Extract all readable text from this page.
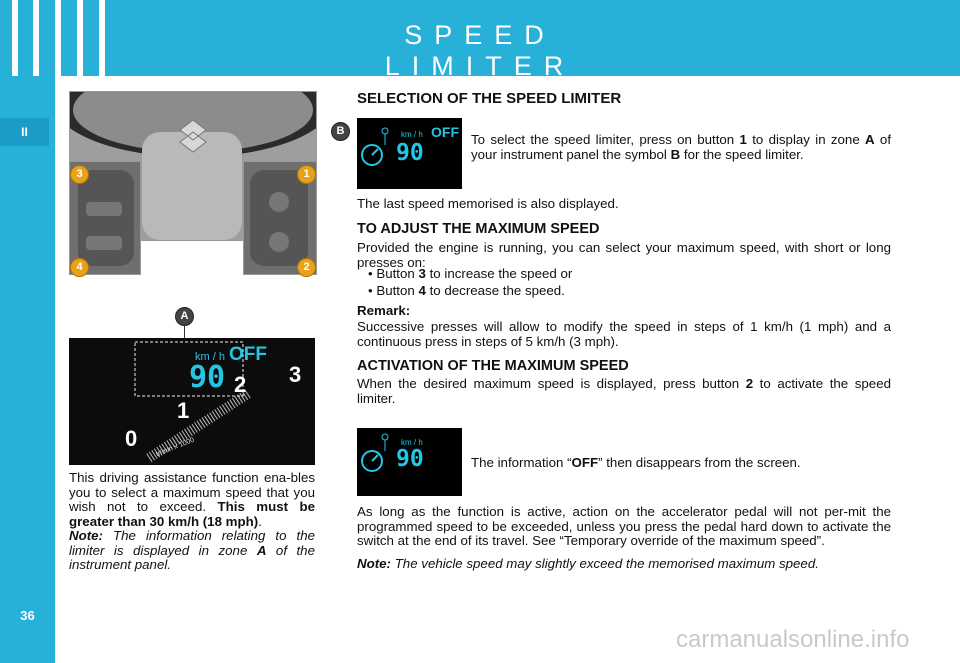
SPEED LIMITER
II
36
3
4
1
2
A
0
1
2 3
km / h OFF
90
tr/min x 1000
This driving assistance function ena-bles you to select a maximum speed that you wish not to exceed. This must be greater than 30 km/h (18 mph).
Note: The information relating to the limiter is displayed in zone A of the instrument panel.
SELECTION OF THE SPEED LIMITER
B	km / h OFF
90
To select the speed limiter, press on button 1 to display in zone A of your instrument panel the symbol B for the speed limiter.
The last speed memorised is also displayed.
TO ADJUST THE MAXIMUM SPEED
Provided the engine is running, you can select your maximum speed, with short or long presses on:
• Button 3 to increase the speed or
• Button 4 to decrease the speed.
Remark:
Successive presses will allow to modify the speed in steps of 1 km/h (1 mph) and a continuous press in steps of 5 km/h (3 mph).
ACTIVATION OF THE MAXIMUM SPEED
When the desired maximum speed is displayed, press button 2 to activate the speed limiter.
km / h
90	The information “OFF” then disappears from the screen.
As long as the function is active, action on the accelerator pedal will not per-mit the programmed speed to be exceeded, unless you press the pedal hard down to activate the switch at the end of its travel. See “Temporary override of the maximum speed”.
Note: The vehicle speed may slightly exceed the memorised maximum speed.
carmanualsonline.info
